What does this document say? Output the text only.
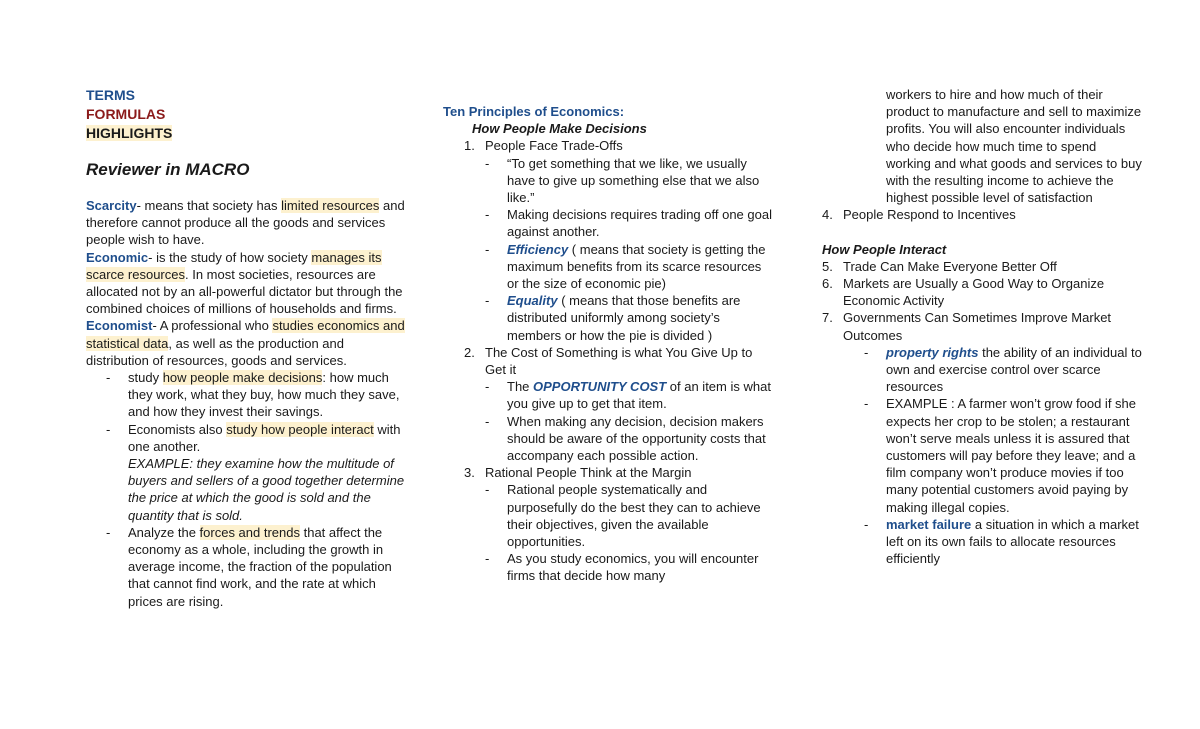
TERMS
FORMULAS
HIGHLIGHTS
Reviewer in MACRO

Scarcity- means that society has limited resources and therefore cannot produce all the goods and services people wish to have.

Economic- is the study of how society manages its scarce resources. In most societies, resources are allocated not by an all-powerful dictator but through the combined choices of millions of households and firms.

Economist- A professional who studies economics and statistical data, as well as the production and distribution of resources, goods and services.

- study how people make decisions: how much they work, what they buy, how much they save, and how they invest their savings.
- Economists also study how people interact with one another.
EXAMPLE: they examine how the multitude of buyers and sellers of a good together determine the price at which the good is sold and the quantity that is sold.
- Analyze the forces and trends that affect the economy as a whole, including the growth in average income, the fraction of the population that cannot find work, and the rate at which prices are rising.
Ten Principles of Economics:
How People Make Decisions
1. People Face Trade-Offs
- “To get something that we like, we usually have to give up something else that we also like.”
- Making decisions requires trading off one goal against another.
- Efficiency ( means that society is getting the maximum benefits from its scarce resources or the size of economic pie)
- Equality ( means that those benefits are distributed uniformly among society’s members or how the pie is divided )
2. The Cost of Something is what You Give Up to Get it
- The OPPORTUNITY COST of an item is what you give up to get that item.
- When making any decision, decision makers should be aware of the opportunity costs that accompany each possible action.
3. Rational People Think at the Margin
- Rational people systematically and purposefully do the best they can to achieve their objectives, given the available opportunities.
- As you study economics, you will encounter firms that decide how many
workers to hire and how much of their product to manufacture and sell to maximize profits. You will also encounter individuals who decide how much time to spend working and what goods and services to buy with the resulting income to achieve the highest possible level of satisfaction
4. People Respond to Incentives
How People Interact
5. Trade Can Make Everyone Better Off
6. Markets are Usually a Good Way to Organize Economic Activity
7. Governments Can Sometimes Improve Market Outcomes
- property rights the ability of an individual to own and exercise control over scarce resources
- EXAMPLE : A farmer won’t grow food if she expects her crop to be stolen; a restaurant won’t serve meals unless it is assured that customers will pay before they leave; and a film company won’t produce movies if too many potential customers avoid paying by making illegal copies.
- market failure a situation in which a market left on its own fails to allocate resources efficiently
